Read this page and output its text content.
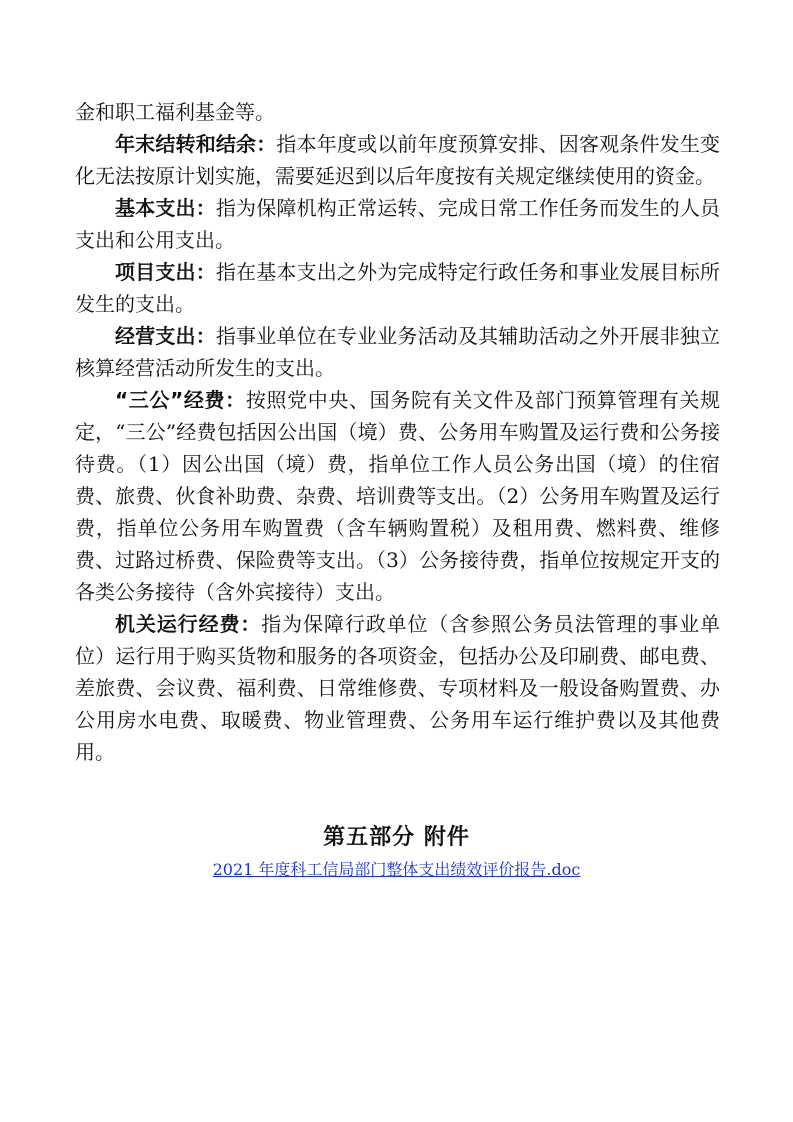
金和职工福利基金等。

年末结转和结余：指本年度或以前年度预算安排、因客观条件发生变化无法按原计划实施，需要延迟到以后年度按有关规定继续使用的资金。

基本支出：指为保障机构正常运转、完成日常工作任务而发生的人员支出和公用支出。

项目支出：指在基本支出之外为完成特定行政任务和事业发展目标所发生的支出。

经营支出：指事业单位在专业业务活动及其辅助活动之外开展非独立核算经营活动所发生的支出。

“三公”经费：按照党中央、国务院有关文件及部门预算管理有关规定，“三公”经费包括因公出国（境）费、公务用车购置及运行费和公务接待费。（1）因公出国（境）费，指单位工作人员公务出国（境）的住宿费、旅费、伙食补助费、杂费、培训费等支出。（2）公务用车购置及运行费，指单位公务用车购置费（含车辆购置税）及租用费、燃料费、维修费、过路过桥费、保险费等支出。（3）公务接待费，指单位按规定开支的各类公务接待（含外宾接待）支出。

机关运行经费：指为保障行政单位（含参照公务员法管理的事业单位）运行用于购买货物和服务的各项资金，包括办公及印刷费、邮电费、差旅费、会议费、福利费、日常维修费、专项材料及一般设备购置费、办公用房水电费、取暖费、物业管理费、公务用车运行维护费以及其他费用。

第五部分 附件
2021 年度科工信局部门整体支出绩效评价报告.doc
